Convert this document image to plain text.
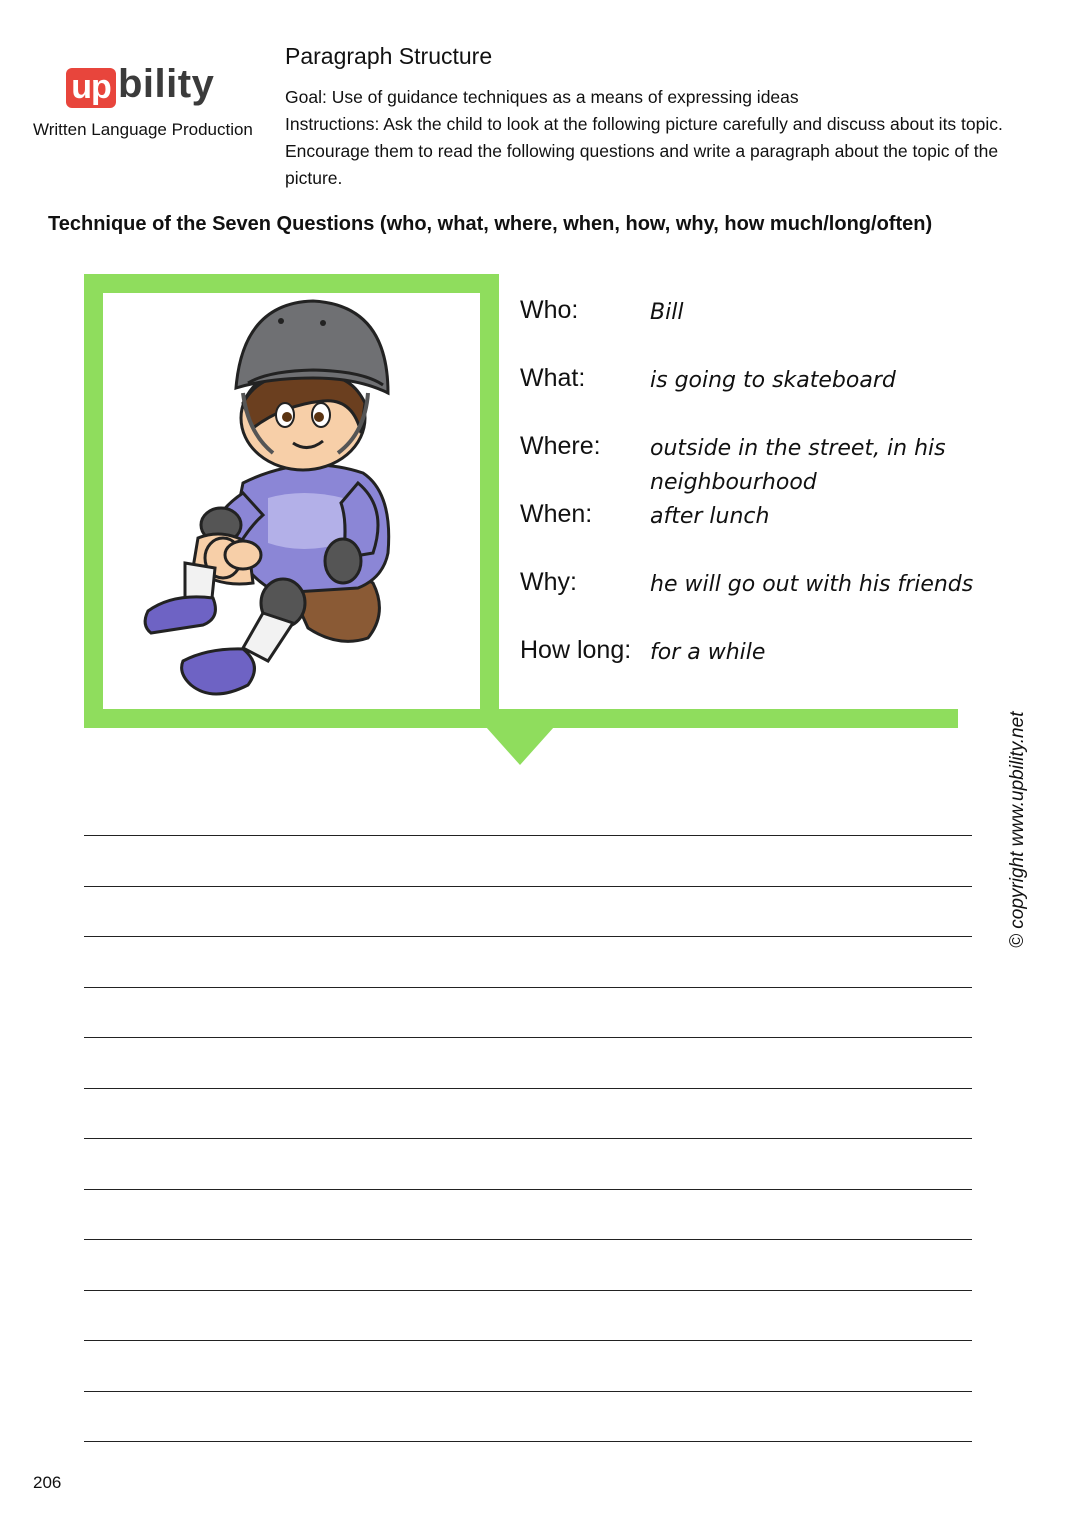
up bility
Written Language Production
Paragraph Structure
Goal: Use of guidance techniques as a means of expressing ideas
Instructions: Ask the child to look at the following picture carefully and discuss about its topic. Encourage them to read the following questions and write a paragraph about the topic of the picture.
Technique of the Seven Questions (who, what, where, when, how, why, how much/long/often)
Who:	Bill
What:	is going to skateboard
Where: outside in the street, in his neighbourhood
When:	after lunch
Why:	he will go out with his friends
How long: for a while
© copyright www.upbility.net
206
